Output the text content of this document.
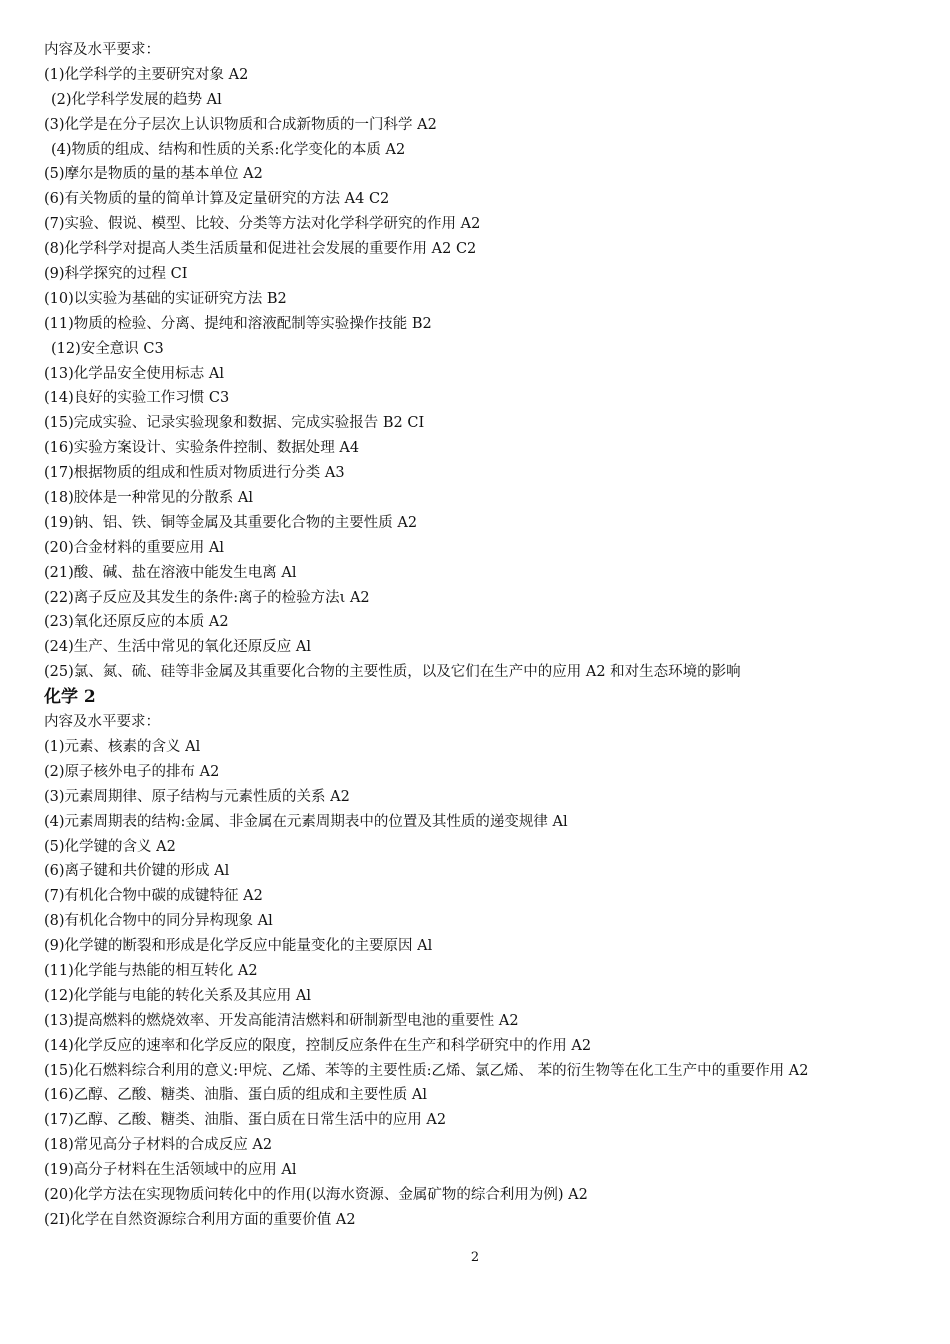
内容及水平要求：
(1)化学科学的主要研究对象 A2
(2)化学科学发展的趋势 Al
(3)化学是在分子层次上认识物质和合成新物质的一门科学 A2
(4)物质的组成、结构和性质的关系:化学变化的本质 A2
(5)摩尔是物质的量的基本单位 A2
(6)有关物质的量的简单计算及定量研究的方法 A4 C2
(7)实验、假说、模型、比较、分类等方法对化学科学研究的作用 A2
(8)化学科学对提高人类生活质量和促进社会发展的重要作用 A2 C2
(9)科学探究的过程 CI
(10)以实验为基础的实证研究方法 B2
(11)物质的检验、分离、提纯和溶液配制等实验操作技能 B2
(12)安全意识 C3
(13)化学品安全使用标志 Al
(14)良好的实验工作习惯 C3
(15)完成实验、记录实验现象和数据、完成实验报告 B2 CI
(16)实验方案设计、实验条件控制、数据处理 A4
(17)根据物质的组成和性质对物质进行分类 A3
(18)胶体是一种常见的分散系 Al
(19)钠、铝、铁、铜等金属及其重要化合物的主要性质 A2
(20)合金材料的重要应用 Al
(21)酸、碱、盐在溶液中能发生电离 Al
(22)离子反应及其发生的条件:离子的检验方法ι A2
(23)氧化还原反应的本质 A2
(24)生产、生活中常见的氧化还原反应 Al
(25)氯、氮、硫、硅等非金属及其重要化合物的主要性质，以及它们在生产中的应用 A2 和对生态环境的影响
化学 2
内容及水平要求：
(1)元素、核素的含义 Al
(2)原子核外电子的排布 A2
(3)元素周期律、原子结构与元素性质的关系 A2
(4)元素周期表的结构:金属、非金属在元素周期表中的位置及其性质的递变规律 Al
(5)化学键的含义 A2
(6)离子键和共价键的形成 Al
(7)有机化合物中碳的成键特征 A2
(8)有机化合物中的同分异构现象 Al
(9)化学键的断裂和形成是化学反应中能量变化的主要原因 Al
(11)化学能与热能的相互转化 A2
(12)化学能与电能的转化关系及其应用 Al
(13)提高燃料的燃烧效率、开发高能清洁燃料和研制新型电池的重要性 A2
(14)化学反应的速率和化学反应的限度，控制反应条件在生产和科学研究中的作用 A2
(15)化石燃料综合利用的意义:甲烷、乙烯、苯等的主要性质:乙烯、氯乙烯、 苯的衍生物等在化工生产中的重要作用 A2
(16)乙醇、乙酸、糖类、油脂、蛋白质的组成和主要性质 Al
(17)乙醇、乙酸、糖类、油脂、蛋白质在日常生活中的应用 A2
(18)常见高分子材料的合成反应 A2
(19)高分子材料在生活领域中的应用 Al
(20)化学方法在实现物质问转化中的作用(以海水资源、金属矿物的综合利用为例) A2
(2I)化学在自然资源综合利用方面的重要价值 A2
2
